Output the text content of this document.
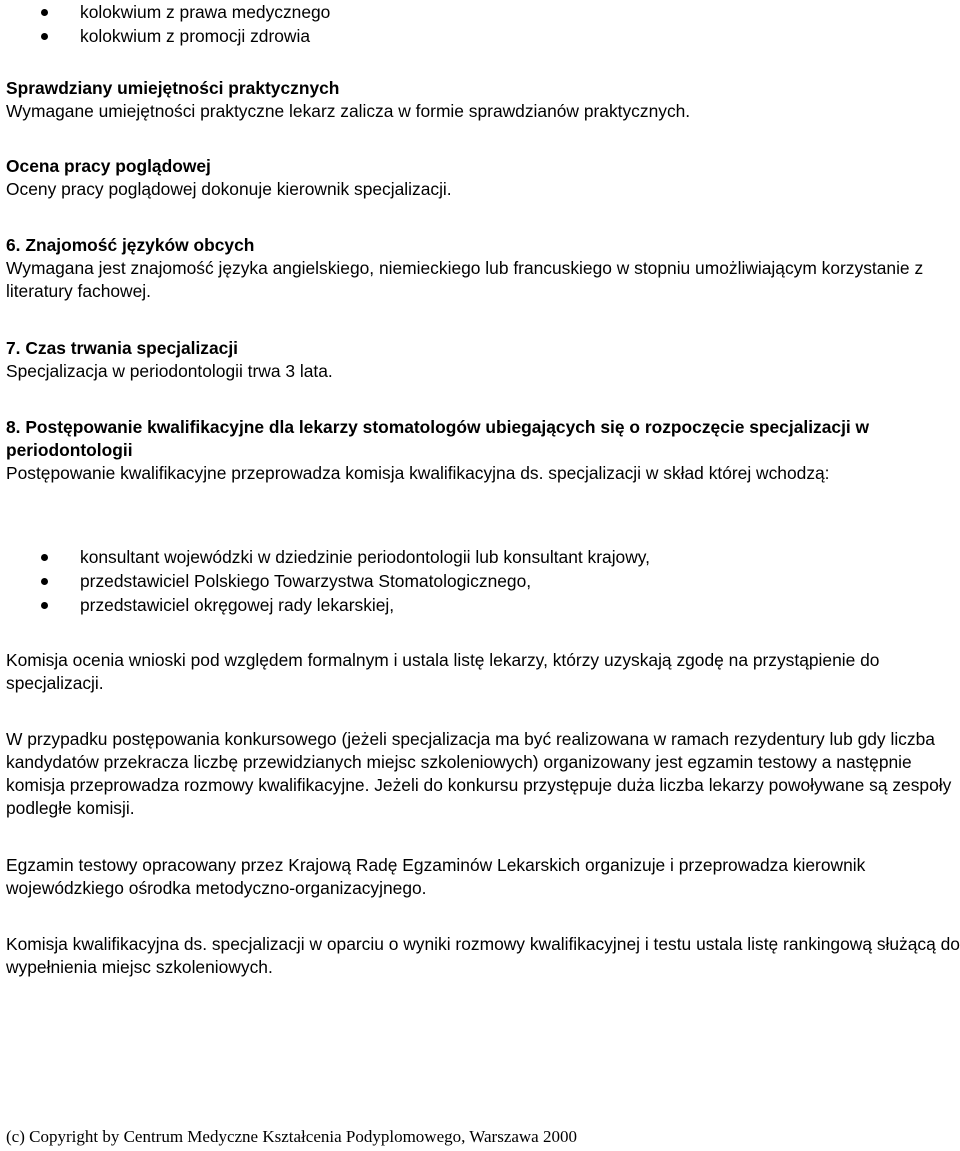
kolokwium z prawa medycznego
kolokwium z promocji zdrowia

Sprawdziany umiejętności praktycznych

Wymagane umiejętności praktyczne lekarz zalicza w formie sprawdzianów praktycznych.

Ocena pracy poglądowej

Oceny pracy poglądowej dokonuje kierownik specjalizacji.

6. Znajomość języków obcych

Wymagana jest znajomość języka angielskiego, niemieckiego lub francuskiego w stopniu umożliwiającym korzystanie z literatury fachowej.

7. Czas trwania specjalizacji

Specjalizacja w periodontologii trwa 3 lata.

8. Postępowanie kwalifikacyjne dla lekarzy stomatologów ubiegających się o rozpoczęcie specjalizacji w periodontologii

Postępowanie kwalifikacyjne przeprowadza komisja kwalifikacyjna ds. specjalizacji w skład której wchodzą:

konsultant wojewódzki w dziedzinie periodontologii lub konsultant krajowy,
przedstawiciel Polskiego Towarzystwa Stomatologicznego,
przedstawiciel okręgowej rady lekarskiej,

Komisja ocenia wnioski pod względem formalnym i ustala listę lekarzy, którzy uzyskają zgodę na przystąpienie do specjalizacji.

W przypadku postępowania konkursowego (jeżeli specjalizacja ma być realizowana w ramach rezydentury lub gdy liczba kandydatów przekracza liczbę przewidzianych miejsc szkoleniowych) organizowany jest egzamin testowy a następnie komisja przeprowadza rozmowy kwalifikacyjne. Jeżeli do konkursu przystępuje duża liczba lekarzy powoływane są zespoły podległe komisji.

Egzamin testowy opracowany przez Krajową Radę Egzaminów Lekarskich organizuje i przeprowadza kierownik wojewódzkiego ośrodka metodyczno-organizacyjnego.

Komisja kwalifikacyjna ds. specjalizacji w oparciu o wyniki rozmowy kwalifikacyjnej i testu ustala listę rankingową służącą do wypełnienia miejsc szkoleniowych.

(c) Copyright by Centrum Medyczne Kształcenia Podyplomowego, Warszawa 2000
